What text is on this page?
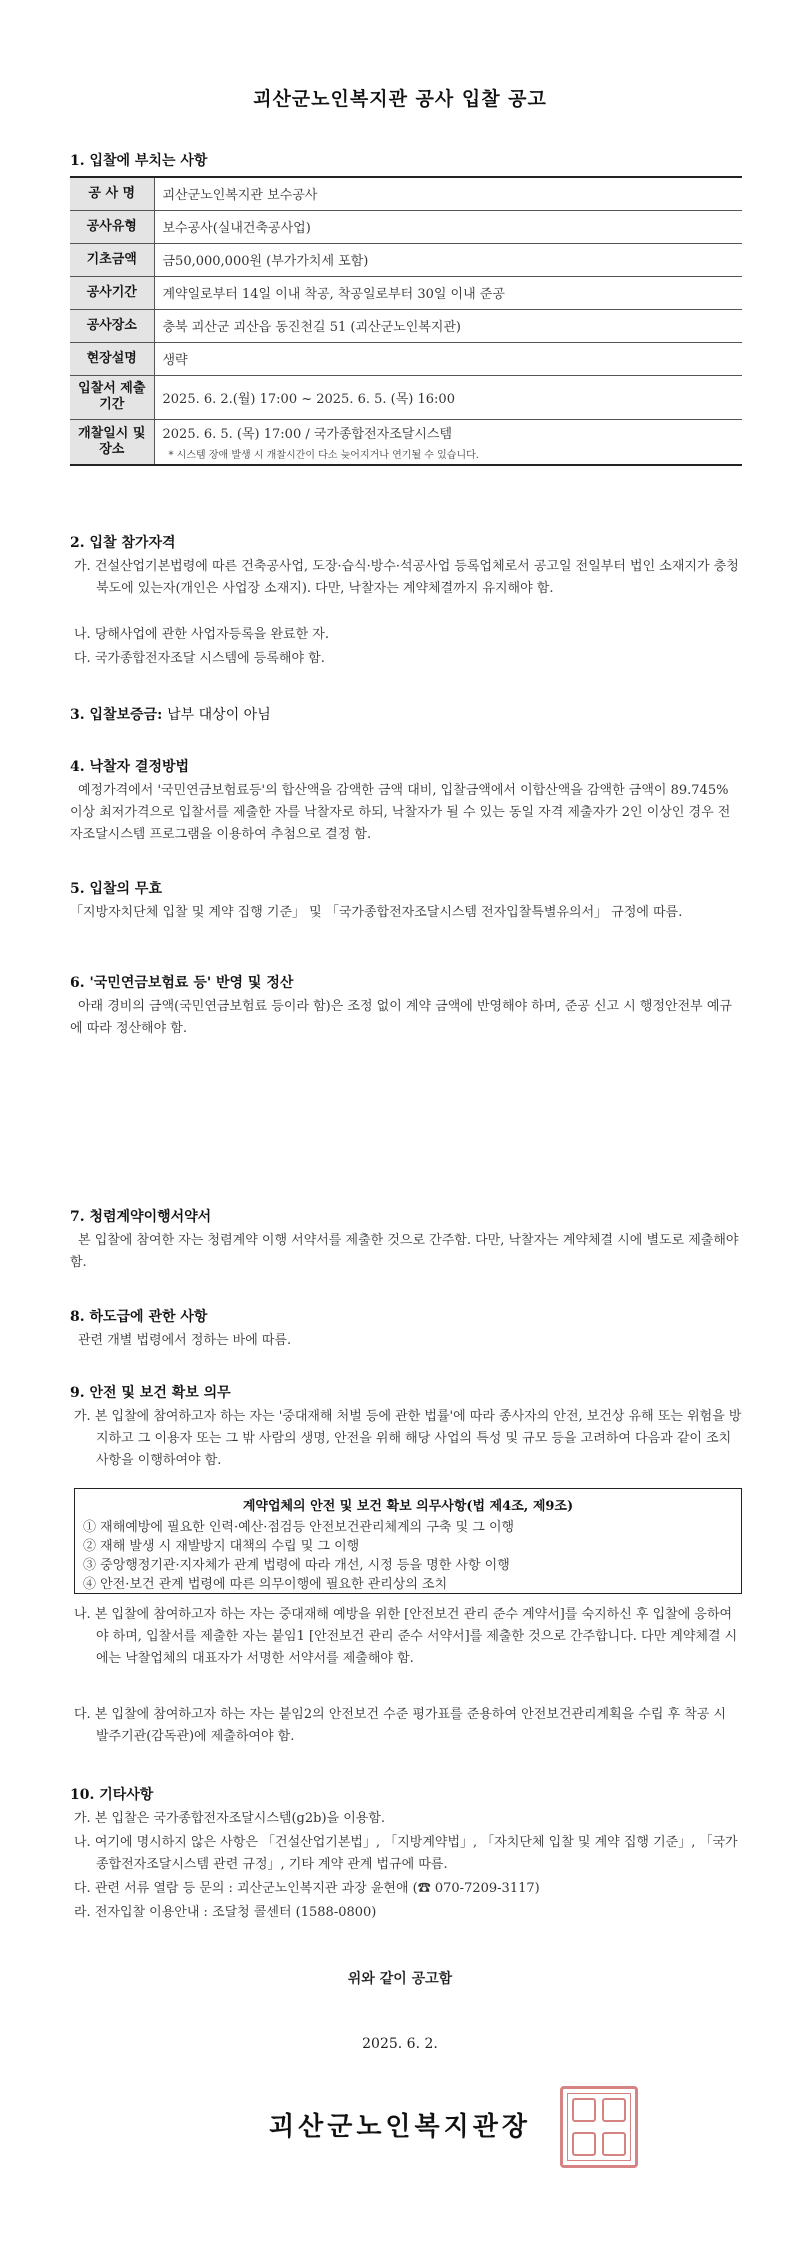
괴산군노인복지관 공사 입찰 공고
1. 입찰에 부치는 사항
공 사 명	괴산군노인복지관 보수공사
공사유형	보수공사(실내건축공사업)
기초금액	금50,000,000원 (부가가치세 포함)
공사기간	계약일로부터 14일 이내 착공, 착공일로부터 30일 이내 준공
공사장소	충북 괴산군 괴산읍 동진천길 51 (괴산군노인복지관)
현장설명	생략
입찰서 제출기간	2025. 6. 2.(월) 17:00 ~ 2025. 6. 5. (목) 16:00
개찰일시 및 장소	2025. 6. 5. (목) 17:00 / 국가종합전자조달시스템
* 시스템 장애 발생 시 개찰시간이 다소 늦어지거나 연기될 수 있습니다.
2. 입찰 참가자격
가. 건설산업기본법령에 따른 건축공사업, 도장·습식·방수·석공사업 등록업체로서 공고일 전일부터 법인 소재지가 충청북도에 있는자(개인은 사업장 소재지). 다만, 낙찰자는 계약체결까지 유지해야 함.
나. 당해사업에 관한 사업자등록을 완료한 자.
다. 국가종합전자조달 시스템에 등록해야 함.
3. 입찰보증금: 납부 대상이 아님
4. 낙찰자 결정방법
예정가격에서 '국민연금보험료등'의 합산액을 감액한 금액 대비, 입찰금액에서 이합산액을 감액한 금액이 89.745% 이상 최저가격으로 입찰서를 제출한 자를 낙찰자로 하되, 낙찰자가 될 수 있는 동일 자격 제출자가 2인 이상인 경우 전자조달시스템 프로그램을 이용하여 추첨으로 결정 함.
5. 입찰의 무효
「지방자치단체 입찰 및 계약 집행 기준」 및 「국가종합전자조달시스템 전자입찰특별유의서」 규정에 따름.
6. '국민연금보험료 등' 반영 및 정산
아래 경비의 금액(국민연금보험료 등이라 함)은 조정 없이 계약 금액에 반영해야 하며, 준공 신고 시 행정안전부 예규에 따라 정산해야 함.
7. 청렴계약이행서약서
본 입찰에 참여한 자는 청렴계약 이행 서약서를 제출한 것으로 간주함. 다만, 낙찰자는 계약체결 시에 별도로 제출해야 함.
8. 하도급에 관한 사항
관련 개별 법령에서 정하는 바에 따름.
9. 안전 및 보건 확보 의무
가. 본 입찰에 참여하고자 하는 자는 '중대재해 처벌 등에 관한 법률'에 따라 종사자의 안전, 보건상 유해 또는 위험을 방지하고 그 이용자 또는 그 밖 사람의 생명, 안전을 위해 해당 사업의 특성 및 규모 등을 고려하여 다음과 같이 조치 사항을 이행하여야 함.
계약업체의 안전 및 보건 확보 의무사항(법 제4조, 제9조)
① 재해예방에 필요한 인력·예산·점검등 안전보건관리체계의 구축 및 그 이행
② 재해 발생 시 재발방지 대책의 수립 및 그 이행
③ 중앙행정기관·지자체가 관계 법령에 따라 개선, 시정 등을 명한 사항 이행
④ 안전·보건 관계 법령에 따른 의무이행에 필요한 관리상의 조치
나. 본 입찰에 참여하고자 하는 자는 중대재해 예방을 위한 [안전보건 관리 준수 계약서]를 숙지하신 후 입찰에 응하여야 하며, 입찰서를 제출한 자는 붙임1 [안전보건 관리 준수 서약서]를 제출한 것으로 간주합니다. 다만 계약체결 시에는 낙찰업체의 대표자가 서명한 서약서를 제출해야 함.
다. 본 입찰에 참여하고자 하는 자는 붙임2의 안전보건 수준 평가표를 준용하여 안전보건관리계획을 수립 후 착공 시 발주기관(감독관)에 제출하여야 함.
10. 기타사항
가. 본 입찰은 국가종합전자조달시스템(g2b)을 이용함.
나. 여기에 명시하지 않은 사항은 「건설산업기본법」, 「지방계약법」, 「자치단체 입찰 및 계약 집행 기준」, 「국가종합전자조달시스템 관련 규정」, 기타 계약 관계 법규에 따름.
다. 관련 서류 열람 등 문의 : 괴산군노인복지관 과장 윤현애 (☎ 070-7209-3117)
라. 전자입찰 이용안내 : 조달청 콜센터 (1588-0800)
위와 같이 공고함
2025. 6. 2.
괴산군노인복지관장
